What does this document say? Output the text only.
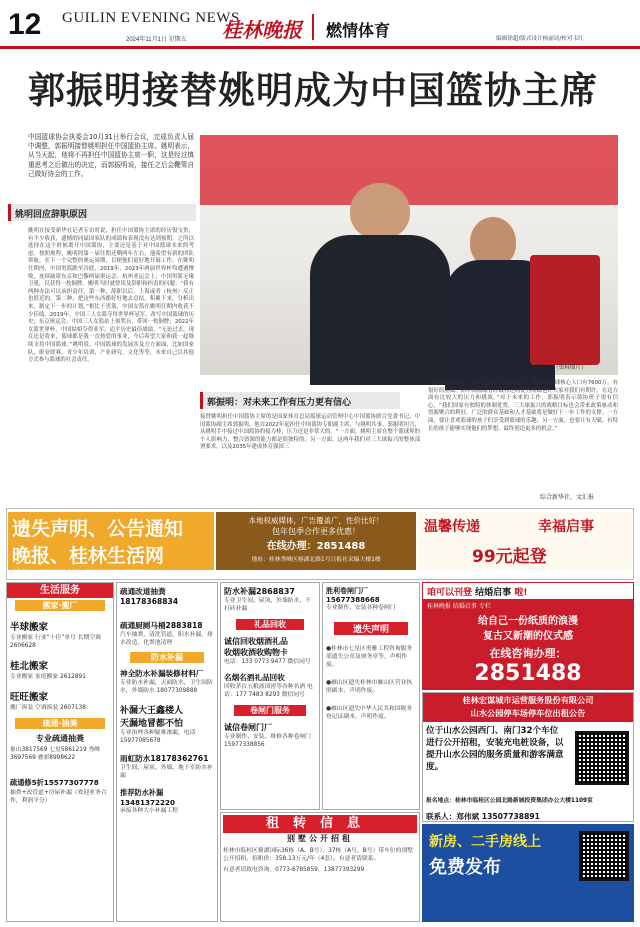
12 GUILIN EVENING NEWS
2024年11月1日 星期五 桂林晚报 燃情体育	编辑徐超/版式设计杨丽诗/校对韦红
郭振明接替姚明成为中国篮协主席
中国篮球协会执委会10月31日举行会议，完成负责人届中调整，郭振明接替姚明担任中国篮协主席。姚明表示，从当天起，他将不再担任中国篮协主席一职，这是经过慎重思考之后做出的决定，而郭振明说，接任之后会鞭策自己做好协会的工作。
姚明回应辞职原因
姚明在接受新华社记者专访时说，担任中国篮协主席的经历很宝贵，有不少收获，遗憾的同届国家队的成绩和表现没有达到预期。之所以选择在这个时候离开中国篮协，主要还是基于对中国篮球未来的考虑。按照规程，姚明的第一届任期还剩两年左右，他希望有新的团队领航，在下一个完整的奥运周期，以便他们更好地开展工作。在姚明任期内，中国男篮跌至谷底，2019年、2023年两届世界杯均遭遇惨败，连续缺席东京和巴黎两届奥运会。杭州亚运会上，中国男篮无缘卫冕，仅获得一枚铜牌。姚明当时就曾谈及辞职和担责的问题：“我有两种办法可以承担责任，第一种，辞职以后，上海或者（杭州）反正也很近的，第二种，把这些东西都好好地去总结，积累下来，分析出来，制定下一步的计划。”相比于男篮，中国女篮在姚明任期内收获不少佳绩，2019年，中国三人女篮夺得世界杯冠军，改写中国篮球的历史；东京奥运会，中国三人女篮站上领奖台，带回一枚铜牌；2022年女篮世界杯，中国姑娘夺得亚军，追平历史最佳战绩。“无论过去，现在还是将来，篮球都是我一直热爱的事业，今后希望大家和我一起继续支持中国篮球。”姚明说，中国篮球的发展涉及方方面面，比如国家队、职业联赛、青少年培训、产业研究、文化等等，未来自己以其他方式参与篮球的社会责任。
姚明（左）与郭振明。（资料图片）
郭振明：对未来工作有压力更有信心
接替姚明担任中国篮协主席的是国家体育总局篮球运动管理中心中国篮协联合党委书记、中国篮协副主席郭振明，他自2022年起担任中国篮协专职副主席，与姚明共事。郭振明坦言，从姚明手中接过中国篮协的接力棒，压力还是非常大的。“一方面，姚明主席在整个篮球界的个人影响力，整合资源的能力都是很独特的。另一方面，这两年我们对三大球振兴的整体部署要求，以及2035年建成体育强国三
大球面临的任务，我们还是有一定的压力。我们的篮球核心人口有7600万，有很好的基础，而中国篮球曾经取得过的优秀成绩也让大家对我们有期许。在这方面有比较大的压力和挑战。”对于未来的工作，郭振明表示篮协班子很有信心，“我们国家有独特的体制优势，三大球振兴的战略目标也会带来政策驱动和资源聚合的利好，广泛的群众基础和人才基础将是做好下一步工作的支撑。一方面，要让喜欢篮球的孩子们享受到篮球的乐趣；另一方面，也要让有天赋、有特长的孩子能够实现他们的梦想，最终创造更多的机会。”
综合新华社、文汇报
遗失声明、公告通知
晚报、桂林生活网
温馨提示：本分类信息不作为交易、签订协议的依据，请慎重选择
本地权威媒体，广告覆盖广，性价比好！
包年包季合作更多优惠！
在线办理：2851488
地址：桂林秀峰区榕湖北路1号日报社采编大楼1楼
温馨传递	幸福启事
99元起登
生活服务
搬家·搬厂
半球搬家
专业搬家 行业“十佳”单号 长期空调 2606628
桂北搬家
专业搬家 家庭搬家 2612891
旺旺搬家
搬厂拆装 空调拆装 2607138
疏通·抽粪
专业疏通抽粪
象山3817569 七星5861219 秀峰3697569 叠彩8998622
疏通修5折15577307778
抽粪+改管道+房屋补漏（欢迎业务合作，利润平分）
疏通改道抽粪18178368834
疏通厨厕马桶2883818
汽车抽粪，清洗管道，阳水补漏，排水改造，化粪池清理
防水补漏
神全防水补漏装修材料厂
专业防水补漏，天面防水，卫生间防水，外墙防水 18077309888
补漏大王鑫楼人
天漏地冒都不怕
专业治理各种疑难渗漏，电话 15977085678
雨虹防水18178362761
卫生间、屋顶、外墙、地下室防水补漏
推荐防水补漏13481372220
承接各种大小补漏工程
防水补漏2868837
专业卫生间、屋顶、外墙防水，不打砖补漏
礼品回收
诚信回收烟酒礼品
收烟收酒收购物卡
电话：133 0773 9477 微信同号
名烟名酒礼品回收
回收茅台五粮液国窖等各种名酒 电话：177 7483 8293 微信同号
卷闸门服务
诚信卷闸门厂
专业制作、安装、维修各种卷闸门 15977338856
胜利卷闸门厂15677388668
专业制作、安装各种卷闸门
遗失声明
●桂林市七星区勇雅工程咨询服务部遗失公章及财务章等，声明作废。
●雁山区遗失桂林市雁山区营业执照副本，声明作废。
●雁山区遗失中华人民共和国税务登记证副本，声明作废。
租转信息
别墅公开招租
桂林市临桂区鳌湖国际36栋（A、B号），37栋（A号、B号）带车位的别墅公开招租，招租价：358.13万元/年（4套）。有意者请联系。
有意者请致电咨询，0773-6785859，13877393299
咱可以刊登 结婚启事 啦!
桂林晚报 结婚启事 专栏
给自己一份纸质的浪漫
复古又新潮的仪式感
在线咨询办理：
2851488
桂林宏谋城市运营服务股份有限公司
山水公园停车场停车位出租公告
位于山水公园西门、南门32个车位进行公开招租，安装充电桩设备，以提升山水公园的服务质量和游客满意度。
报名地点：桂林市临桂区公园北路新城投资集团办公大楼1109室
联系人：郑伟斌 13507738891
新房、二手房线上
免费发布
